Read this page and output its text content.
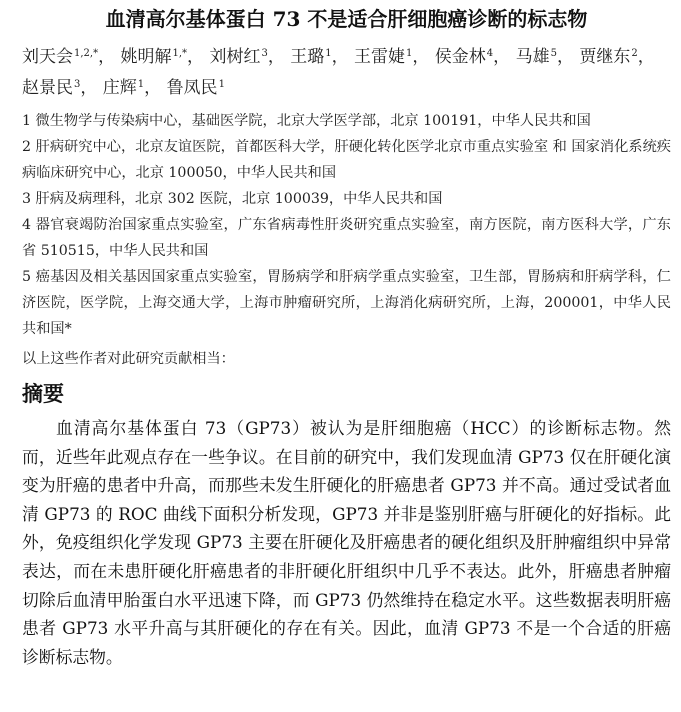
血清高尔基体蛋白 73 不是适合肝细胞癌诊断的标志物
刘天会$^{1,2,*}$， 姚明解$^{1,*}$， 刘树红$^3$， 王璐$^1$， 王雷婕$^1$， 侯金林$^4$， 马雄$^5$， 贾继东$^2$， 赵景民$^3$， 庄辉$^1$， 鲁凤民$^1$

1 微生物学与传染病中心，基础医学院，北京大学医学部，北京 100191，中华人民共和国

2 肝病研究中心，北京友谊医院，首都医科大学，肝硬化转化医学北京市重点实验室 和 国家消化系统疾病临床研究中心，北京 100050，中华人民共和国

3 肝病及病理科，北京 302 医院，北京 100039，中华人民共和国

4 器官衰竭防治国家重点实验室，广东省病毒性肝炎研究重点实验室，南方医院，南方医科大学，广东省 510515，中华人民共和国

5 癌基因及相关基因国家重点实验室，胃肠病学和肝病学重点实验室，卫生部，胃肠病和肝病学科，仁济医院，医学院，上海交通大学，上海市肿瘤研究所，上海消化病研究所，上海，200001，中华人民共和国*

以上这些作者对此研究贡献相当：

摘要

血清高尔基体蛋白 73（GP73）被认为是肝细胞癌（HCC）的诊断标志物。然而，近些年此观点存在一些争议。在目前的研究中，我们发现血清 GP73 仅在肝硬化演变为肝癌的患者中升高，而那些未发生肝硬化的肝癌患者 GP73 并不高。通过受试者血清 GP73 的 ROC 曲线下面积分析发现，GP73 并非是鉴别肝癌与肝硬化的好指标。此外，免疫组织化学发现 GP73 主要在肝硬化及肝癌患者的硬化组织及肝肿瘤组织中异常表达，而在未患肝硬化肝癌患者的非肝硬化肝组织中几乎不表达。此外，肝癌患者肿瘤切除后血清甲胎蛋白水平迅速下降，而 GP73 仍然维持在稳定水平。这些数据表明肝癌患者 GP73 水平升高与其肝硬化的存在有关。因此，血清 GP73 不是一个合适的肝癌诊断标志物。
